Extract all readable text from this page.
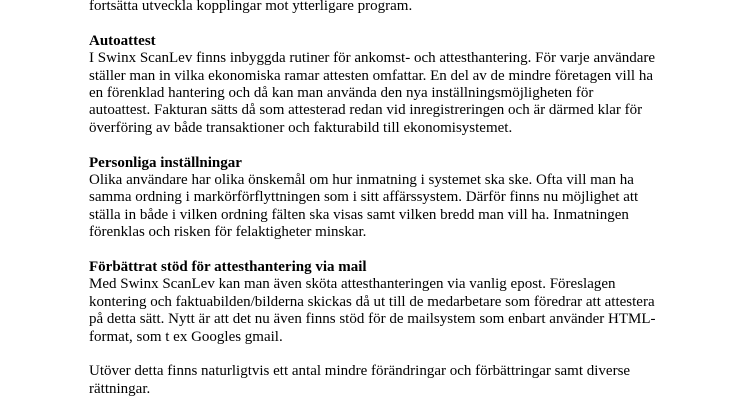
fortsätta utveckla kopplingar mot ytterligare program.

Autoattest

I Swinx ScanLev finns inbyggda rutiner för ankomst- och attesthantering. För varje användare
ställer man in vilka ekonomiska ramar attesten omfattar. En del av de mindre företagen vill ha
en förenklad hantering och då kan man använda den nya inställningsmöjligheten för
autoattest. Fakturan sätts då som attesterad redan vid inregistreringen och är därmed klar för
överföring av både transaktioner och fakturabild till ekonomisystemet.

Personliga inställningar

Olika användare har olika önskemål om hur inmatning i systemet ska ske. Ofta vill man ha
samma ordning i markörförflyttningen som i sitt affärssystem. Därför finns nu möjlighet att
ställa in både i vilken ordning fälten ska visas samt vilken bredd man vill ha. Inmatningen
förenklas och risken för felaktigheter minskar.

Förbättrat stöd för attesthantering via mail

Med Swinx ScanLev kan man även sköta attesthanteringen via vanlig epost. Föreslagen
kontering och faktuabilden/bilderna skickas då ut till de medarbetare som föredrar att attestera
på detta sätt. Nytt är att det nu även finns stöd för de mailsystem som enbart använder HTML-
format, som t ex Googles gmail.

Utöver detta finns naturligtvis ett antal mindre förändringar och förbättringar samt diverse
rättningar.
